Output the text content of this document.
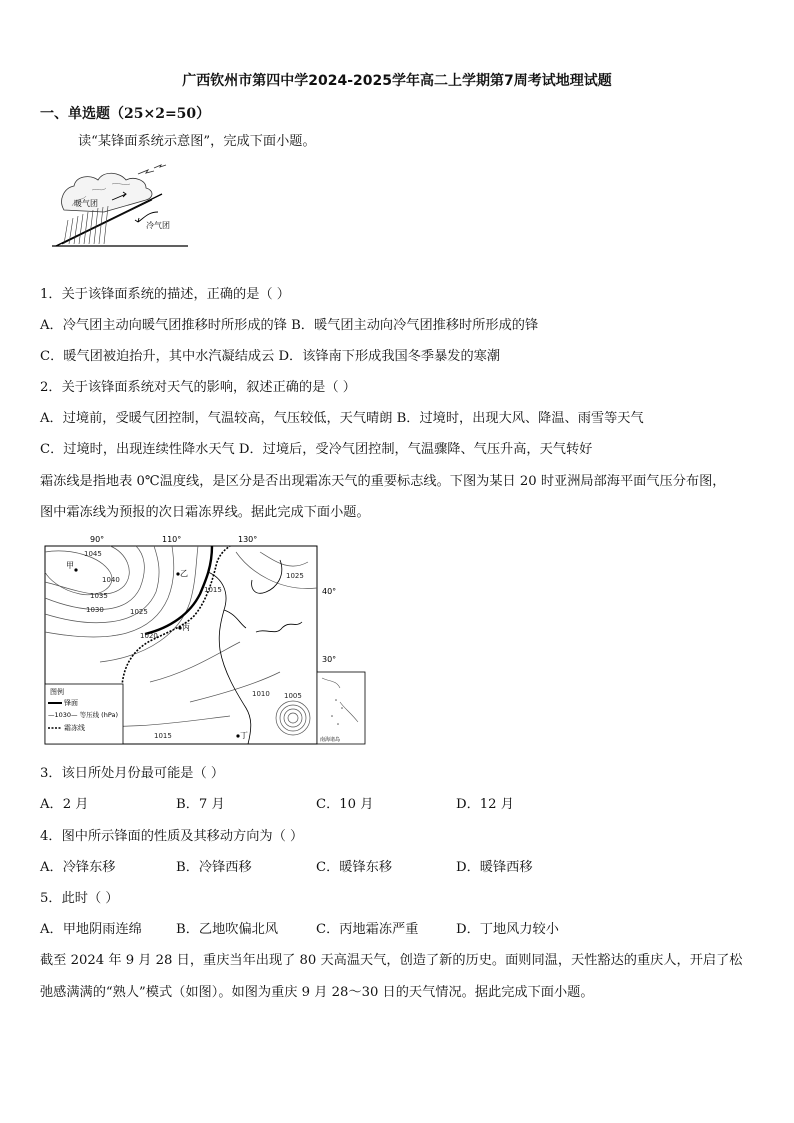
广西钦州市第四中学2024-2025学年高二上学期第7周考试地理试题
一、单选题（25×2=50）
读“某锋面系统示意图”，完成下面小题。
暖气团
冷气团
1．关于该锋面系统的描述，正确的是（ ）
A．冷气团主动向暖气团推移时所形成的锋 B．暖气团主动向冷气团推移时所形成的锋
C．暖气团被迫抬升，其中水汽凝结成云 D．该锋南下形成我国冬季暴发的寒潮
2．关于该锋面系统对天气的影响，叙述正确的是（ ）
A．过境前，受暖气团控制，气温较高，气压较低，天气晴朗 B．过境时，出现大风、降温、雨雪等天气
C．过境时，出现连续性降水天气 D．过境后，受冷气团控制，气温骤降、气压升高，天气转好
霜冻线是指地表 0℃温度线，是区分是否出现霜冻天气的重要标志线。下图为某日 20 时亚洲局部海平面气压分布图，
图中霜冻线为预报的次日霜冻界线。据此完成下面小题。
90°	110°	130°
40°
30°
1045
1040
1035
1030	1025
1020
1015
1025
1010 1005
1015
甲
乙
丙
丁
图例
锋面
—1030— 等压线 (hPa)
霜冻线
南海诸岛
3．该日所处月份最可能是（ ）
A．2 月	B．7 月	C．10 月	D．12 月
4．图中所示锋面的性质及其移动方向为（ ）
A．冷锋东移	B．冷锋西移	C．暖锋东移	D．暖锋西移
5．此时（ ）
A．甲地阴雨连绵	B．乙地吹偏北风	C．丙地霜冻严重	D．丁地风力较小
截至 2024 年 9 月 28 日，重庆当年出现了 80 天高温天气，创造了新的历史。面则同温，天性豁达的重庆人，开启了松
弛感满满的“熟人”模式（如图）。如图为重庆 9 月 28～30 日的天气情况。据此完成下面小题。
